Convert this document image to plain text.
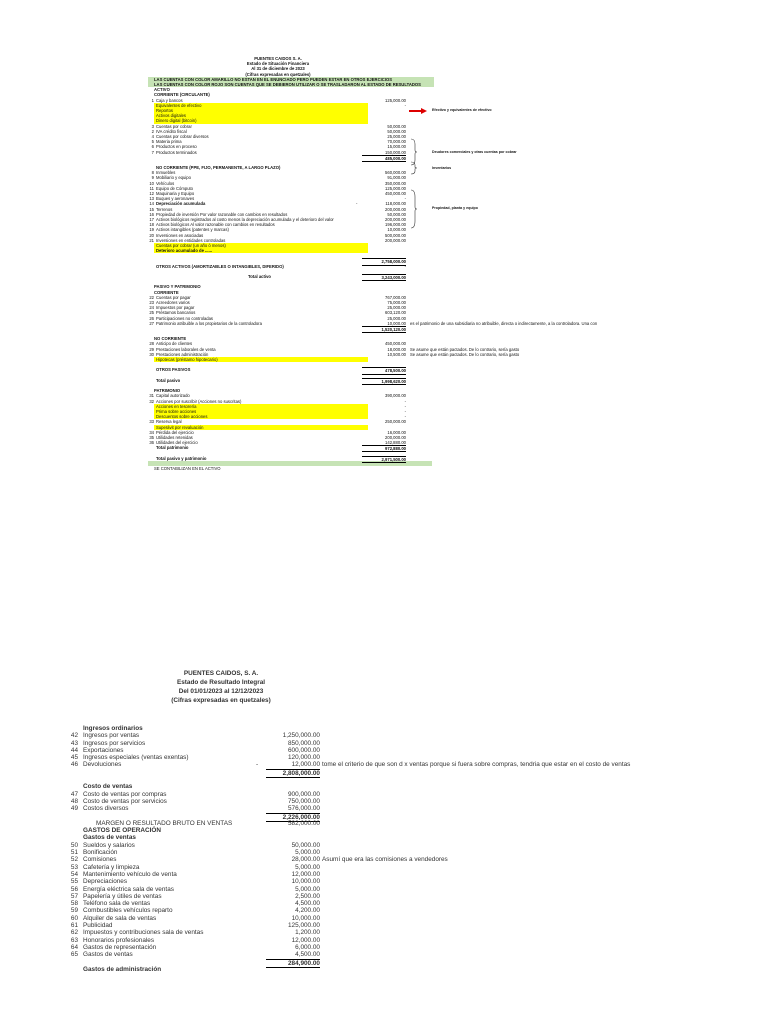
PUENTES CAIDOS S. A.
Estado de Situación Financiera
Al 31 de diciembre de 2023
(Cifras expresadas en quetzales)
LAS CUENTAS CON COLOR AMARILLO NO ESTAN EN EL ENUNCIADO PERO PUEDEN ESTAR EN OTROS EJERCICIOS
LAS CUENTAS CON COLOR ROJO SON CUENTAS QUE SE DEBIERON UTILIZAR O SE TRASLADARON AL ESTADO DE RESULTADOS
ACTIVO
CORRIENTE (CIRCULANTE)
1 Caja y bancos	125,000.00
Equivalentes de efectivo	-
Reportos
Activos digitales
Dinero digital (bitcoin)
3 Cuentas por cobrar	50,000.00
2 IVA crédito fiscal	50,000.00
4 Cuentas por cobrar diversos	25,000.00
5 Materia prima	70,000.00
6 Productos en proceso	15,000.00
7 Productos terminados	150,000.00
485,000.00
NO CORRIENTE (PPE, FIJO, PERMANENTE, A LARGO PLAZO)
8 Inmuebles	560,000.00
9 Mobiliario y equipo	91,000.00
10 Vehículos	350,000.00
11 Equipo de Cómputo	125,000.00
12 Maquinaria y Equipo	450,000.00
13 Buques y aeronaves	-
14 Depreciación acumulada	-	118,000.00
15 Terrenos	200,000.00
16 Propiedad de inversión Por valor razonable con cambios en resultados	50,000.00
17 Activos biológicos registrados al costo menos la depreciación acumulada y el deterioro del valor	200,000.00
18 Activos biológicos Al valor razonable con cambios en resultados	196,000.00
19 Activos intangibles (patentes y marcas)	10,000.00
20 Inversiones en asociadas	500,000.00
21 Inversiones en entidades controladas	200,000.00
Cuentas por cobrar (un año ó menos)
Deterioro acumulado de ......
2,758,000.00
OTROS ACTIVOS (AMORTIZABLES O INTANGIBLES, DIFERIDO)	-
Total activo	3,243,000.00
PASIVO Y PATRIMONIO
CORRIENTE
22 Cuentas por pagar	767,000.00
23 Acreedores varios	75,000.00
24 Impuestos por pagar	25,000.00
25 Préstamos bancarios	603,120.00
26 Participaciones no controladas	25,000.00
27 Patrimonio atribuible a los propietarios de la controladora	10,000.00 es el patrimonio de una subsidiaria no atribuible, directa o indirectamente, a la controladora. Una con
1,520,120.00
NO CORRIENTE
28 Anticipo de clientes	450,000.00
29 Prestaciones laborales de venta	18,000.00 Se asume que están pactados. De lo contrario, sería gasto
30 Prestaciones administración	10,500.00 Se asume que están pactados. De lo contrario, sería gasto
Hipotecas (préstamo hipotecario)
OTROS PASIVOS	478,500.00
Total pasivo	1,998,620.00
PATRIMONIO
31 Capital autorizado	390,000.00
32 Acciones por suscribir (Acciones no suscritas)	-
Acciones en tesorería	-
Prima sobre acciones	-
Descuentos sobre acciones	-
33 Reserva legal	250,000.00
Superávit por revaluación
34 Pérdida del ejercicio	16,000.00
35 Utilidades retenidas	200,000.00
36 Utilidades del ejercicio	142,880.00
Total patrimonio	972,880.00
Total pasivo y patrimonio	2,971,500.00
SE CONTABILIZAN EN EL ACTIVO
Efectivo y equivalentes de efectivo
Deudores comerciales y otras cuentas por cobrar
Inventarios
Propiedad, planta y equipo
PUENTES CAIDOS, S. A.
Estado de Resultado Integral
Del 01/01/2023 al 12/12/2023
(Cifras expresadas en quetzales)
Ingresos ordinarios
42 Ingresos por ventas	1,250,000.00
43 Ingresos por servicios	850,000.00
44 Exportaciones	600,000.00
45 Ingresos especiales (ventas exentas)	120,000.00
46 Devoluciones	12,000.00 tome el criterio de que son d x ventas porque si fuera sobre compras, tendria que estar en el costo de ventas
-
2,808,000.00
Costo de ventas
47 Costo de ventas por compras	900,000.00
48 Costo de ventas por servicios	750,000.00
49 Costos diversos	576,000.00
2,226,000.00
MARGEN O RESULTADO BRUTO EN VENTAS	582,000.00
GASTOS DE OPERACIÓN
Gastos de ventas
50 Sueldos y salarios	50,000.00
51 Bonificación	5,000.00
52 Comisiones	28,000.00 Asumí que era las comisiones a vendedores
53 Cafetería y limpieza	5,000.00
54 Mantenimiento vehículo de venta	12,000.00
55 Depreciaciones	10,000.00
56 Energía eléctrica sala de ventas	5,000.00
57 Papelería y útiles de ventas	2,500.00
58 Teléfono sala de ventas	4,500.00
59 Combustibles vehículos reparto	4,200.00
60 Alquiler de sala de ventas	10,000.00
61 Publicidad	125,000.00
62 Impuestos y contribuciones sala de ventas	1,200.00
63 Honorarios profesionales	12,000.00
64 Gastos de representación	6,000.00
65 Gastos de ventas	4,500.00
284,900.00
Gastos de administración
